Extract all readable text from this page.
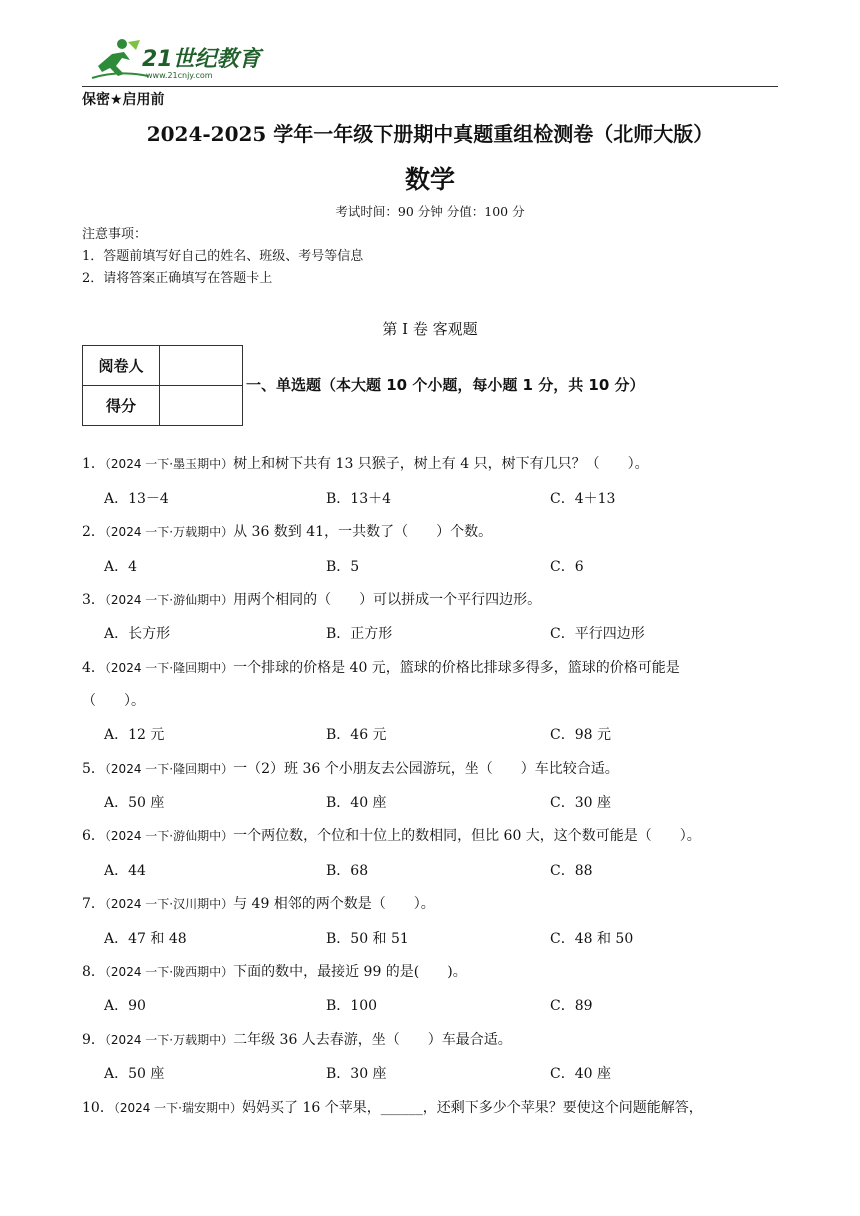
21世纪教育
www.21cnjy.com
保密★启用前
2024-2025 学年一年级下册期中真题重组检测卷（北师大版）
数学
考试时间：90 分钟 分值：100 分
注意事项：
1．答题前填写好自己的姓名、班级、考号等信息
2．请将答案正确填写在答题卡上
第 I 卷 客观题
阅卷人	
得分	
一、单选题（本大题 10 个小题，每小题 1 分，共 10 分）
1．（2024 一下·墨玉期中）树上和树下共有 13 只猴子，树上有 4 只，树下有几只？（　　）。
A．13－4	B．13＋4	C．4＋13
2．（2024 一下·万载期中）从 36 数到 41，一共数了（　　）个数。
A．4	B．5	C．6
3．（2024 一下·游仙期中）用两个相同的（　　）可以拼成一个平行四边形。
A．长方形	B．正方形	C．平行四边形
4．（2024 一下·隆回期中）一个排球的价格是 40 元，篮球的价格比排球多得多，篮球的价格可能是
（　　）。
A．12 元	B．46 元	C．98 元
5．（2024 一下·隆回期中）一（2）班 36 个小朋友去公园游玩，坐（　　）车比较合适。
A．50 座	B．40 座	C．30 座
6．（2024 一下·游仙期中）一个两位数，个位和十位上的数相同，但比 60 大，这个数可能是（　　）。
A．44	B．68	C．88
7．（2024 一下·汉川期中）与 49 相邻的两个数是（　　）。
A．47 和 48	B．50 和 51	C．48 和 50
8．（2024 一下·陇西期中）下面的数中，最接近 99 的是(　　)。
A．90	B．100	C．89
9．（2024 一下·万载期中）二年级 36 人去春游，坐（　　）车最合适。
A．50 座	B．30 座	C．40 座
10．（2024 一下·瑞安期中）妈妈买了 16 个苹果，______，还剩下多少个苹果？要使这个问题能解答，
